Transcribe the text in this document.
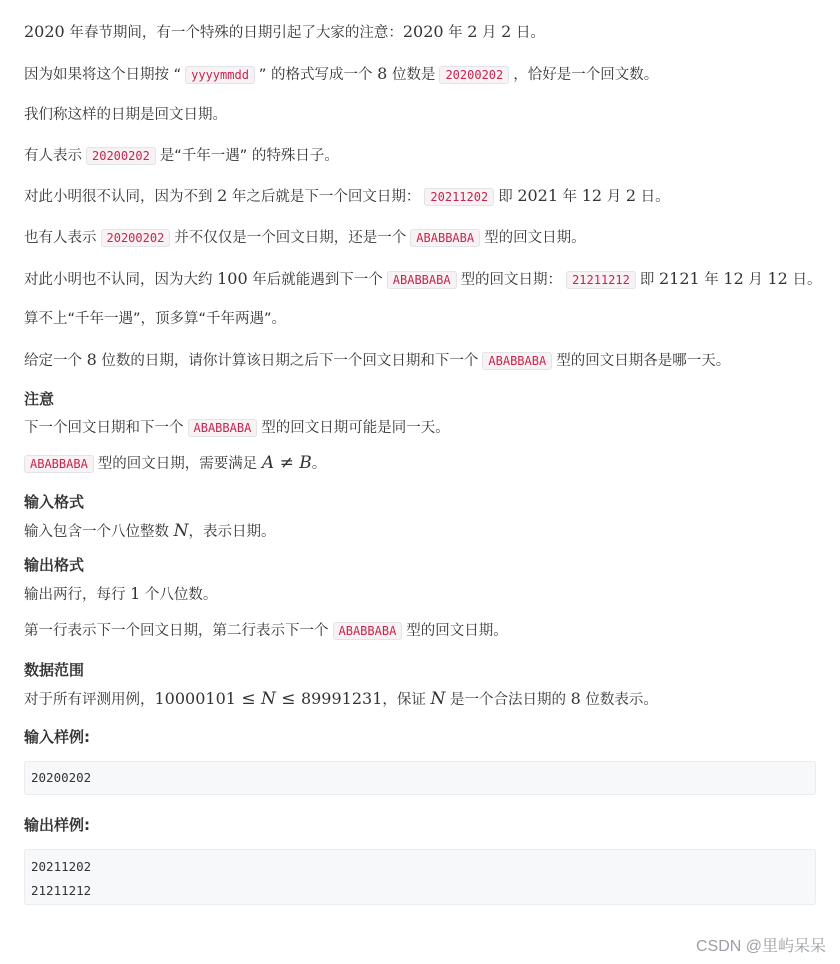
2020 年春节期间，有一个特殊的日期引起了大家的注意：2020 年 2 月 2 日。

因为如果将这个日期按 “ yyyymmdd ” 的格式写成一个 8 位数是 20200202 ，恰好是一个回文数。

我们称这样的日期是回文日期。

有人表示 20200202 是“千年一遇” 的特殊日子。

对此小明很不认同，因为不到 2 年之后就是下一个回文日期： 20211202 即 2021 年 12 月 2 日。

也有人表示 20200202 并不仅仅是一个回文日期，还是一个 ABABBABA 型的回文日期。

对此小明也不认同，因为大约 100 年后就能遇到下一个 ABABBABA 型的回文日期： 21211212 即 2121 年 12 月 12 日。

算不上“千年一遇”，顶多算“千年两遇”。

给定一个 8 位数的日期，请你计算该日期之后下一个回文日期和下一个 ABABBABA 型的回文日期各是哪一天。

注意

下一个回文日期和下一个 ABABBABA 型的回文日期可能是同一天。

ABABBABA 型的回文日期，需要满足 A ≠ B。

输入格式

输入包含一个八位整数 N，表示日期。

输出格式

输出两行，每行 1 个八位数。

第一行表示下一个回文日期，第二行表示下一个 ABABBABA 型的回文日期。

数据范围

对于所有评测用例，10000101 ≤ N ≤ 89991231，保证 N 是一个合法日期的 8 位数表示。

输入样例:
20200202
输出样例:
20211202
21211212
CSDN @里屿呆呆
